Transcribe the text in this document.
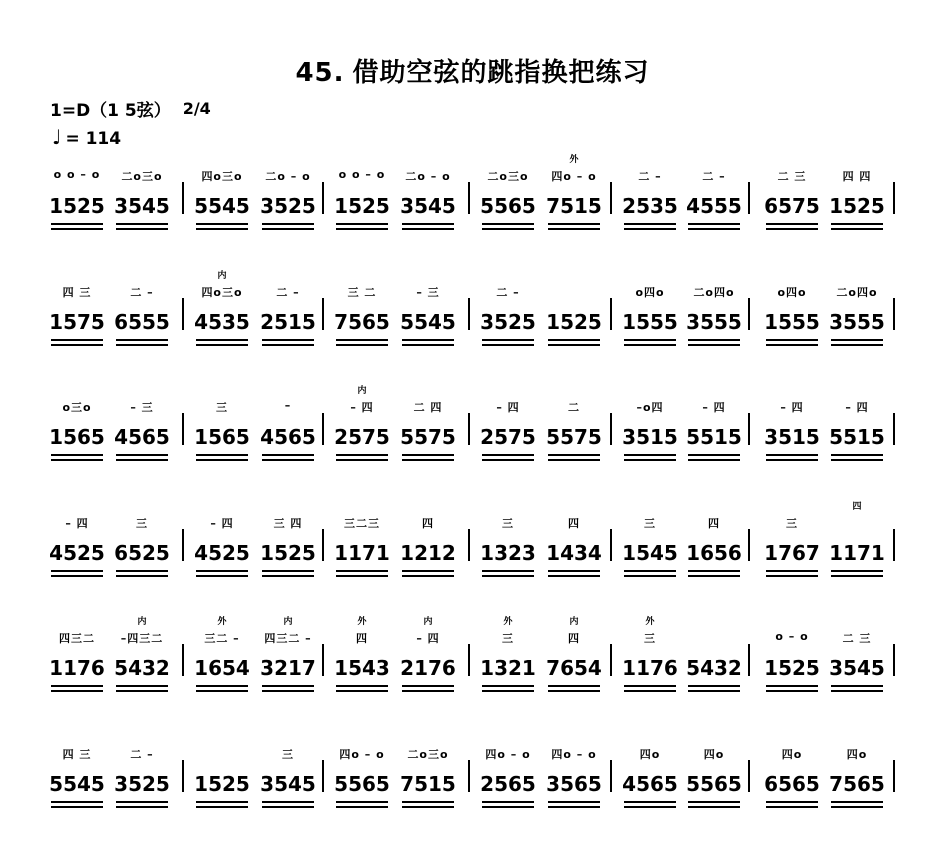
45. 借助空弦的跳指换把练习
1=D（1 5弦） 2/4
♩ = 114
o o – o
1525
二o三o
3545
四o三o
5545
二o – o
3525
o o – o
1525
二o – o
3545
二o三o
5565
外
四o – o
7515
二 –
2535
二 –
4555
二 三
6575
四 四
1525
四 三
1575
二 –
6555
内
四o三o
4535
二 –
2515
三 二
7565
– 三
5545
二 –
3525 1525
o四o
1555
二o四o
3555
o四o
1555
二o四o
3555
o三o
1565
– 三
4565
三
1565
–
4565
内
– 四
2575
二 四
5575
– 四
2575
二
5575
–o四
3515
– 四
5515
– 四
3515
– 四
5515
– 四
4525
三
6525
– 四
4525
三 四
1525
三二三
1171
四
1212
三
1323
四
1434
三
1545
四
1656
三
1767
四
1171
四三二
1176
内
–四三二
5432
外
三二 –
1654
内
四三二 –
3217
外
四
1543
内
– 四
2176
外
三
1321
内
四
7654
外
三
1176 5432
o – o
1525
二 三
3545
四 三
5545
二 –
3525 1525
三
3545
四o – o
5565
二o三o
7515
四o – o
2565
四o – o
3565
四o
4565
四o
5565
四o
6565
四o
7565
